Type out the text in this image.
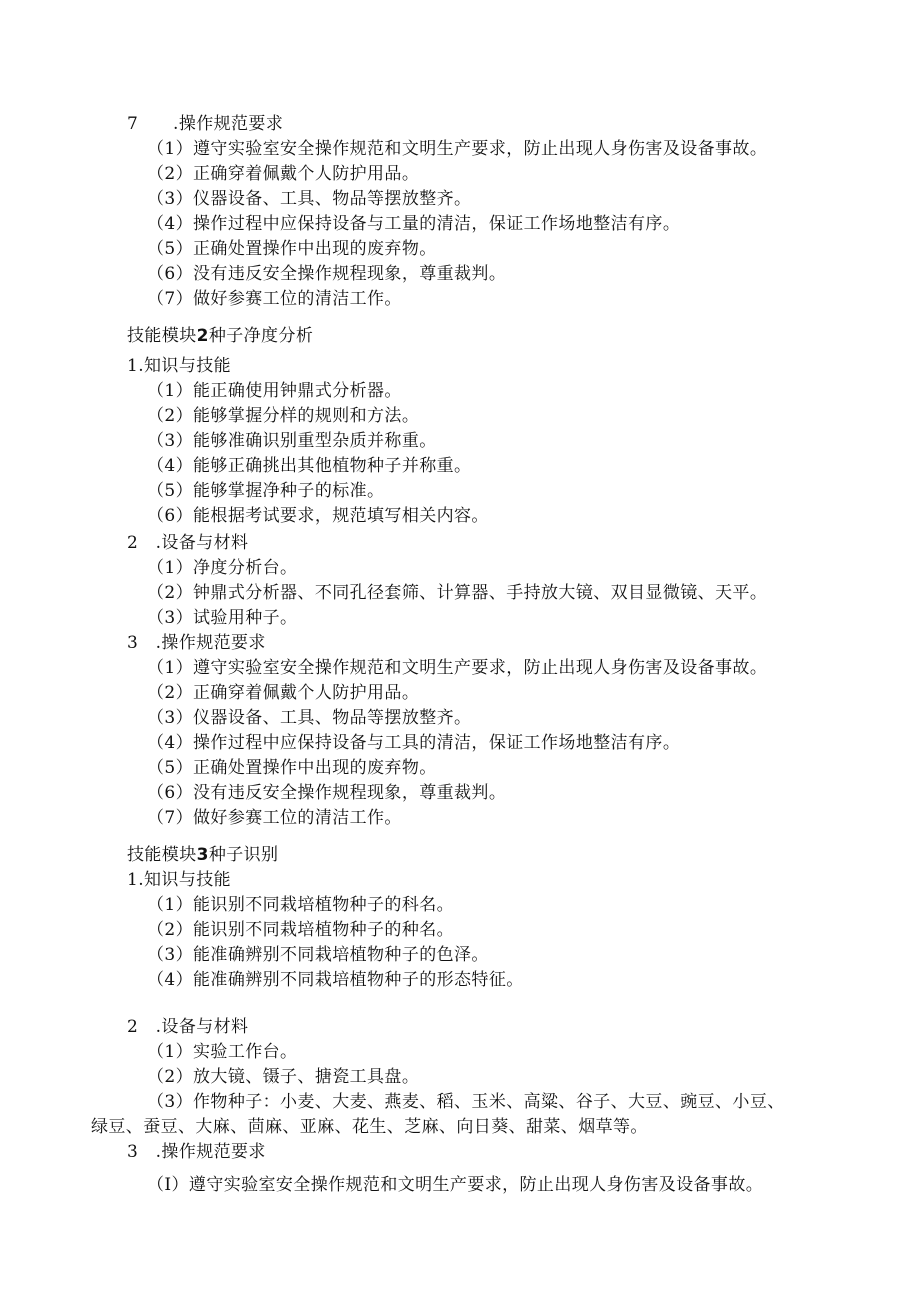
7　　.操作规范要求
（1）遵守实验室安全操作规范和文明生产要求，防止出现人身伤害及设备事故。
（2）正确穿着佩戴个人防护用品。
（3）仪器设备、工具、物品等摆放整齐。
（4）操作过程中应保持设备与工量的清洁，保证工作场地整洁有序。
（5）正确处置操作中出现的废弃物。
（6）没有违反安全操作规程现象，尊重裁判。
（7）做好参赛工位的清洁工作。
技能模块2种子净度分析
1.知识与技能
（1）能正确使用钟鼎式分析器。
（2）能够掌握分样的规则和方法。
（3）能够准确识别重型杂质并称重。
（4）能够正确挑出其他植物种子并称重。
（5）能够掌握净种子的标准。
（6）能根据考试要求，规范填写相关内容。
2　.设备与材料
（1）净度分析台。
（2）钟鼎式分析器、不同孔径套筛、计算器、手持放大镜、双目显微镜、天平。
（3）试验用种子。
3　.操作规范要求
（1）遵守实验室安全操作规范和文明生产要求，防止出现人身伤害及设备事故。
（2）正确穿着佩戴个人防护用品。
（3）仪器设备、工具、物品等摆放整齐。
（4）操作过程中应保持设备与工具的清洁，保证工作场地整洁有序。
（5）正确处置操作中出现的废弃物。
（6）没有违反安全操作规程现象，尊重裁判。
（7）做好参赛工位的清洁工作。
技能模块3种子识别
1.知识与技能
（1）能识别不同栽培植物种子的科名。
（2）能识别不同栽培植物种子的种名。
（3）能准确辨别不同栽培植物种子的色泽。
（4）能准确辨别不同栽培植物种子的形态特征。
2　.设备与材料
（1）实验工作台。
（2）放大镜、镊子、搪瓷工具盘。
（3）作物种子：小麦、大麦、燕麦、稻、玉米、高粱、谷子、大豆、豌豆、小豆、
绿豆、蚕豆、大麻、茴麻、亚麻、花生、芝麻、向日葵、甜菜、烟草等。
3　.操作规范要求
（I）遵守实验室安全操作规范和文明生产要求，防止出现人身伤害及设备事故。
